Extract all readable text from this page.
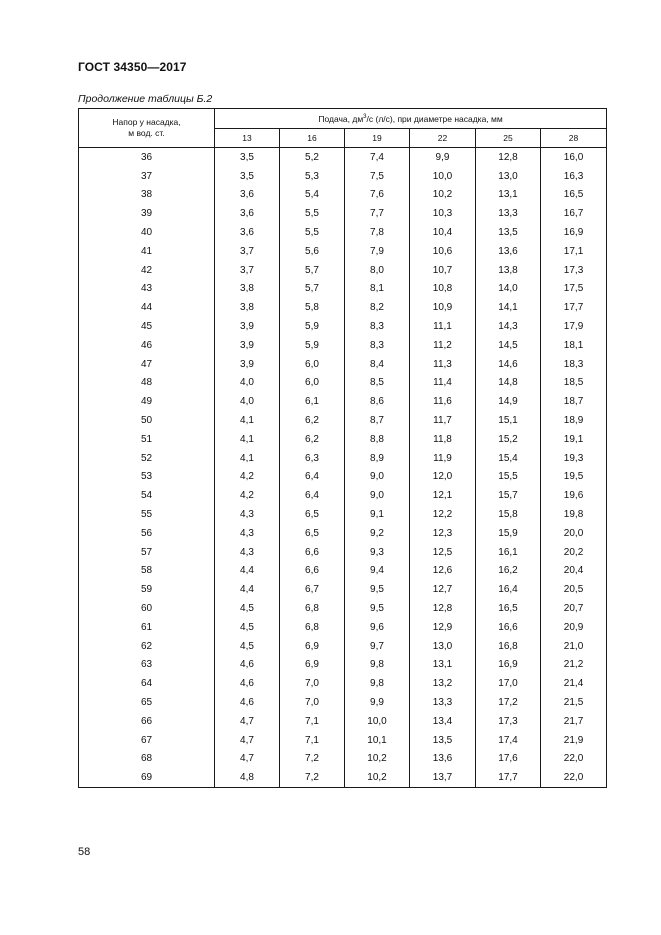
ГОСТ 34350—2017
Продолжение таблицы Б.2
Напор у насадка,
м вод. ст.	Подача, $дм^3/с$ (л/с), при диаметре насадка, мм					
	13	16	19	22	25	28
36	3,5	5,2	7,4	9,9	12,8	16,0
37	3,5	5,3	7,5	10,0	13,0	16,3
38	3,6	5,4	7,6	10,2	13,1	16,5
39	3,6	5,5	7,7	10,3	13,3	16,7
40	3,6	5,5	7,8	10,4	13,5	16,9
41	3,7	5,6	7,9	10,6	13,6	17,1
42	3,7	5,7	8,0	10,7	13,8	17,3
43	3,8	5,7	8,1	10,8	14,0	17,5
44	3,8	5,8	8,2	10,9	14,1	17,7
45	3,9	5,9	8,3	11,1	14,3	17,9
46	3,9	5,9	8,3	11,2	14,5	18,1
47	3,9	6,0	8,4	11,3	14,6	18,3
48	4,0	6,0	8,5	11,4	14,8	18,5
49	4,0	6,1	8,6	11,6	14,9	18,7
50	4,1	6,2	8,7	11,7	15,1	18,9
51	4,1	6,2	8,8	11,8	15,2	19,1
52	4,1	6,3	8,9	11,9	15,4	19,3
53	4,2	6,4	9,0	12,0	15,5	19,5
54	4,2	6,4	9,0	12,1	15,7	19,6
55	4,3	6,5	9,1	12,2	15,8	19,8
56	4,3	6,5	9,2	12,3	15,9	20,0
57	4,3	6,6	9,3	12,5	16,1	20,2
58	4,4	6,6	9,4	12,6	16,2	20,4
59	4,4	6,7	9,5	12,7	16,4	20,5
60	4,5	6,8	9,5	12,8	16,5	20,7
61	4,5	6,8	9,6	12,9	16,6	20,9
62	4,5	6,9	9,7	13,0	16,8	21,0
63	4,6	6,9	9,8	13,1	16,9	21,2
64	4,6	7,0	9,8	13,2	17,0	21,4
65	4,6	7,0	9,9	13,3	17,2	21,5
66	4,7	7,1	10,0	13,4	17,3	21,7
67	4,7	7,1	10,1	13,5	17,4	21,9
68	4,7	7,2	10,2	13,6	17,6	22,0
69	4,8	7,2	10,2	13,7	17,7	22,0
58
